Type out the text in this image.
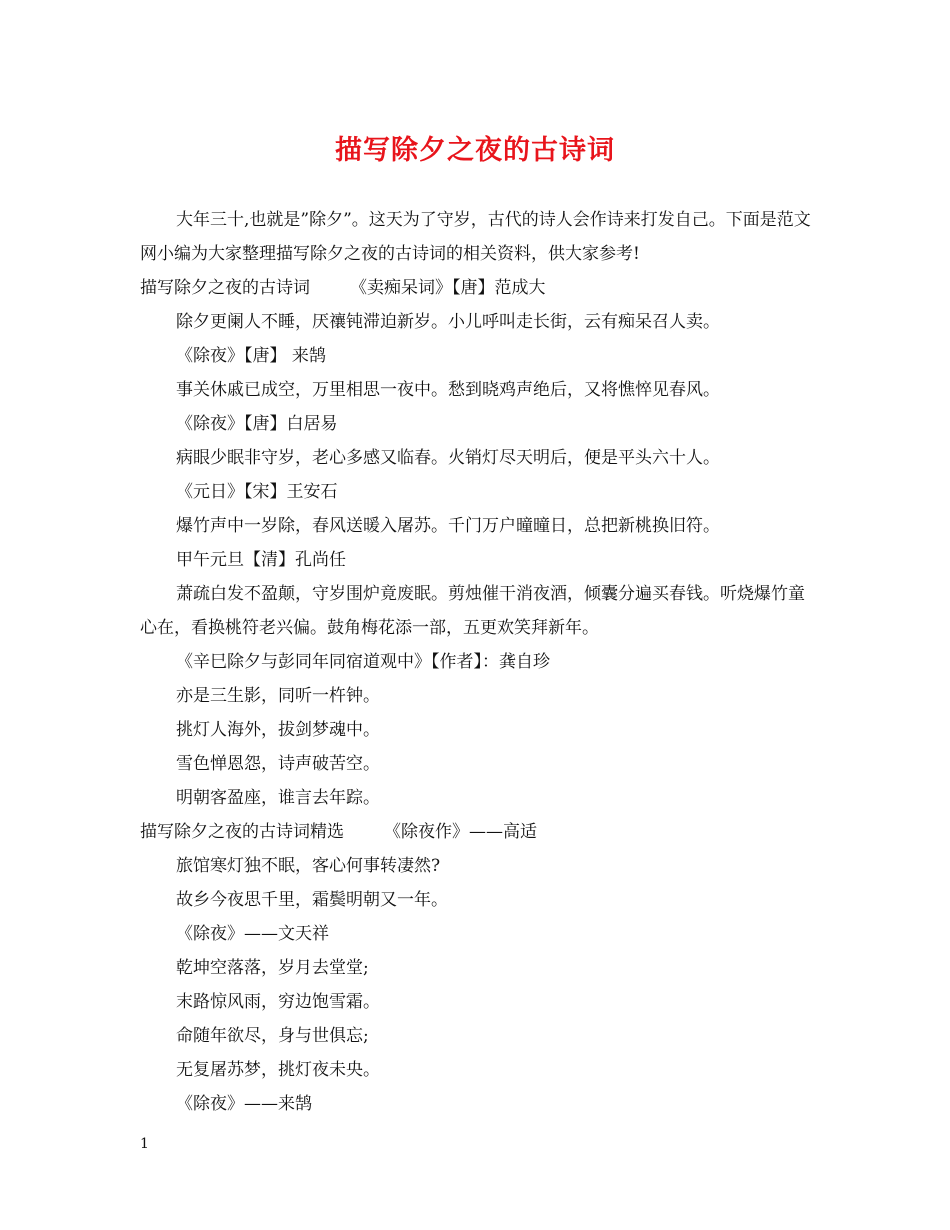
描写除夕之夜的古诗词
大年三十,也就是”除夕”。这天为了守岁，古代的诗人会作诗来打发自己。下面是范文网小编为大家整理描写除夕之夜的古诗词的相关资料，供大家参考!
描写除夕之夜的古诗词 《卖痴呆词》【唐】范成大
除夕更阑人不睡，厌禳钝滞迫新岁。小儿呼叫走长街，云有痴呆召人卖。
《除夜》【唐】 来鹄
事关休戚已成空，万里相思一夜中。愁到晓鸡声绝后，又将憔悴见春风。
《除夜》【唐】白居易
病眼少眠非守岁，老心多感又临春。火销灯尽天明后，便是平头六十人。
《元日》【宋】王安石
爆竹声中一岁除，春风送暖入屠苏。千门万户曈曈日，总把新桃换旧符。
甲午元旦【清】孔尚任
萧疏白发不盈颠，守岁围炉竟废眠。剪烛催干消夜酒，倾囊分遍买春钱。听烧爆竹童心在，看换桃符老兴偏。鼓角梅花添一部，五更欢笑拜新年。
《辛巳除夕与彭同年同宿道观中》【作者】：龚自珍
亦是三生影，同听一杵钟。
挑灯人海外，拔剑梦魂中。
雪色惮恩怨，诗声破苦空。
明朝客盈座，谁言去年踪。
描写除夕之夜的古诗词精选 《除夜作》——高适
旅馆寒灯独不眠，客心何事转凄然?
故乡今夜思千里，霜鬓明朝又一年。
《除夜》——文天祥
乾坤空落落，岁月去堂堂;
末路惊风雨，穷边饱雪霜。
命随年欲尽，身与世俱忘;
无复屠苏梦，挑灯夜未央。
《除夜》——来鹄
1
